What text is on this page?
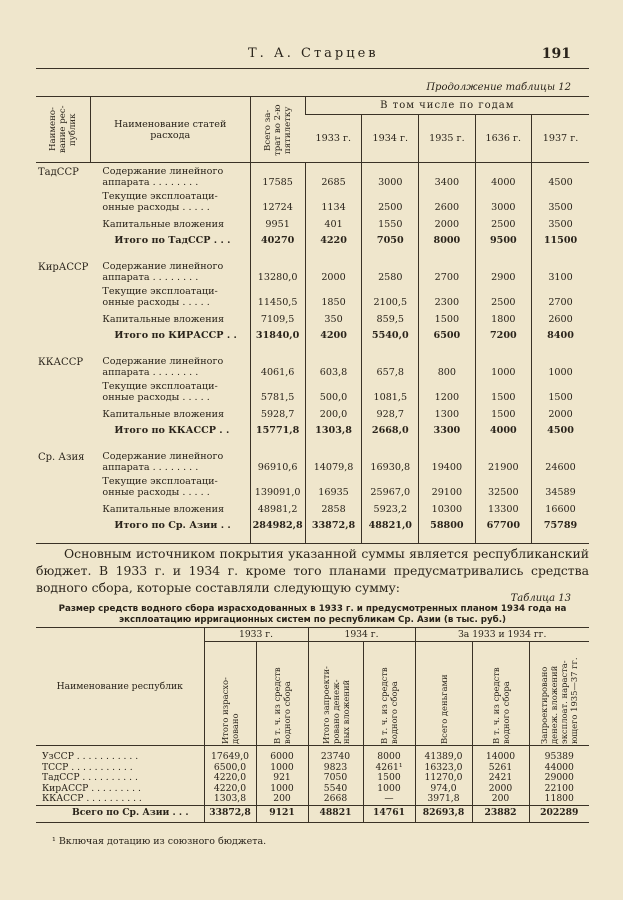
Т. А. Старцев	191
Продолжение таблицы 12
Наимено-
вание рес-
публик	Наименование статей
расхода	Всего за-
трат во 2-ю
пятилетку	В том числе по годам				
			1933 г.	1934 г.	1935 г.	1636 г.	1937 г.
ТадССР	Содержание линейного
аппарата . . . . . . . .	17585	2685	3000	3400	4000	4500
	Текущие эксплоатаци-
онные расходы . . . . .	12724	1134	2500	2600	3000	3500
	Капитальные вложения	9951	401	1550	2000	2500	3500
	Итого по ТадССР . . .	40270	4220	7050	8000	9500	11500

КирАССР	Содержание линейного
аппарата . . . . . . . .	13280,0	2000	2580	2700	2900	3100
	Текущие эксплоатаци-
онные расходы . . . . .	11450,5	1850	2100,5	2300	2500	2700
	Капитальные вложения	7109,5	350	859,5	1500	1800	2600
	Итого по КИРАССР . .	31840,0	4200	5540,0	6500	7200	8400

ККАССР	Содержание линейного
аппарата . . . . . . . .	4061,6	603,8	657,8	800	1000	1000
	Текущие эксплоатаци-
онные расходы . . . . .	5781,5	500,0	1081,5	1200	1500	1500
	Капитальные вложения	5928,7	200,0	928,7	1300	1500	2000
	Итого по ККАССР . .	15771,8	1303,8	2668,0	3300	4000	4500

Ср. Азия	Содержание линейного
аппарата . . . . . . . .	96910,6	14079,8	16930,8	19400	21900	24600
	Текущие эксплоатаци-
онные расходы . . . . .	139091,0	16935	25967,0	29100	32500	34589
	Капитальные вложения	48981,2	2858	5923,2	10300	13300	16600
	Итого по Ср. Азии . .	284982,8	33872,8	48821,0	58800	67700	75789

Основным источником покрытия указанной суммы является республиканский бюджет. В 1933 г. и 1934 г. кроме того планами предусматривались средства водного сбора, которые составляли следующую сумму:
Таблица 13
Размер средств водного сбора израсходованных в 1933 г. и предусмотренных планом 1934 года на эксплоатацию ирригационных систем по республикам Ср. Азии (в тыс. руб.)
Наименование республик	1933 г.		1934 г.		За 1933 и 1934 гг.		

	Итого израсхо-
довано	В т. ч. из средств
водного сбора	Итого запроекти-
ровано денеж-
ных вложений	В т. ч. из средств
водного сбора	Всего деньгами	В т. ч. из средств
водного сбора	Запроектировано
денеж. вложений
эксплоат. нараста-
ющего 1935—37 гг.

УзССР . . . . . . . . . . .	17649,0	6000	23740	8000	41389,0	14000	95389
ТССР . . . . . . . . . . .	6500,0	1000	9823	4261¹	16323,0	5261	44000
ТадССР . . . . . . . . . .	4220,0	921	7050	1500	11270,0	2421	29000
КирАССР . . . . . . . . .	4220,0	1000	5540	1000	974,0	2000	22100
ККАССР . . . . . . . . . .	1303,8	200	2668	—	3971,8	200	11800
Всего по Ср. Азии . . .	33872,8	9121	48821	14761	82693,8	23882	202289
¹ Включая дотацию из союзного бюджета.
